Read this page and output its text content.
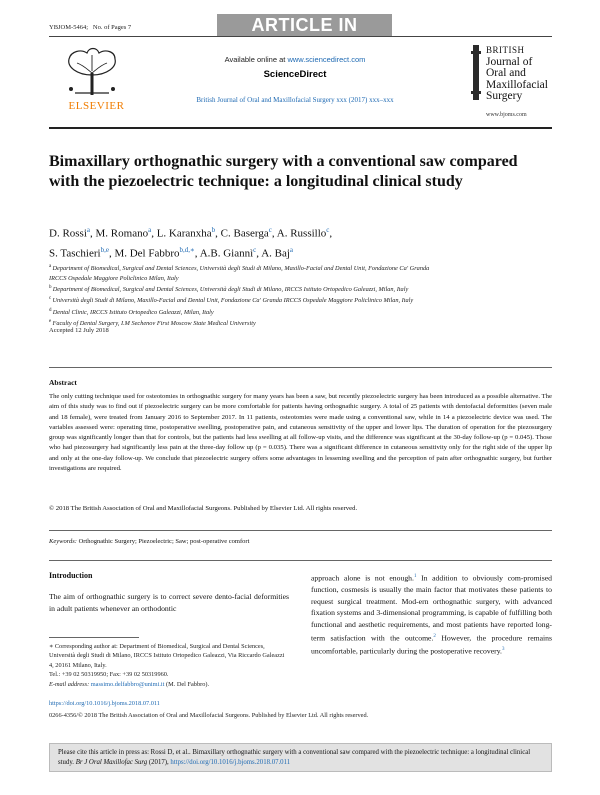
YBJOM-5464; No. of Pages 7	ARTICLE IN PRESS
ELSEVIER
Available online at www.sciencedirect.com
ScienceDirect
British Journal of Oral and Maxillofacial Surgery xxx (2017) xxx–xxx
BRITISH
Journal of
Oral and
Maxillofacial
Surgery
www.bjoms.com
Bimaxillary orthognathic surgery with a conventional saw compared with the piezoelectric technique: a longitudinal clinical study
D. Rossi$^a$, M. Romano$^a$, L. Karanxha$^b$, C. Baserga$^c$, A. Russillo$^c$,
S. Taschieri$^{b,e}$, M. Del Fabbro$^{b,d,∗}$, A.B. Giannì$^c$, A. Baj$^a$
$^a$ Department of Biomedical, Surgical and Dental Sciences, Università degli Studi di Milano, Maxillo-Facial and Dental Unit, Fondazione Ca' Granda
IRCCS Ospedale Maggiore Policlinico Milan, Italy
$^b$ Department of Biomedical, Surgical and Dental Sciences, Università degli Studi di Milano, IRCCS Istituto Ortopedico Galeazzi, Milan, Italy
$^c$ Università degli Studi di Milano, Maxillo-Facial and Dental Unit, Fondazione Ca' Granda IRCCS Ospedale Maggiore Policlinico Milan, Italy
$^d$ Dental Clinic, IRCCS Istituto Ortopedico Galeazzi, Milan, Italy
$^e$ Faculty of Dental Surgery, I.M Sechenov First Moscow State Medical University
Accepted 12 July 2018
Abstract
The only cutting technique used for osteotomies in orthognathic surgery for many years has been a saw, but recently piezoelectric surgery has been introduced as a possible alternative. The aim of this study was to find out if piezoelectric surgery can be more comfortable for patients having orthognathic surgery. A total of 25 patients with dentofacial deformities (seven male and 18 female), were treated from January 2016 to September 2017. In 11 patients, osteotomies were made using a conventional saw, while in 14 a piezoelectric device was used. The variables assessed were: operating time, postoperative swelling, postoperative pain, and cutaneous sensitivity of the upper and lower lips. The duration of operation for the piezosurgery group was significantly longer than that for controls, but the patients had less swelling at all follow-up visits, and the difference was significant at the 30-day follow-up (p = 0.045). Those who had piezosurgery had significantly less pain at the three-day follow up (p = 0.035). There was a significant difference in cutaneous sensitivity only for the right side of the upper lip and only at the one-day follow-up. We conclude that piezoelectric surgery offers some advantages in lessening swelling and the perception of pain after orthognathic surgery, but further investigations are required.
© 2018 The British Association of Oral and Maxillofacial Surgeons. Published by Elsevier Ltd. All rights reserved.
Keywords: Orthognathic Surgery; Piezoelectric; Saw; post-operative comfort
Introduction
The aim of orthognathic surgery is to correct severe dento-facial deformities in adult patients whenever an orthodontic
approach alone is not enough.$^1$ In addition to obviously com-promised function, cosmesis is usually the main factor that motivates these patients to request surgical treatment. Mod-ern orthognathic surgery, with advanced fixation systems and 3-dimensional programming, is capable of fulfilling both functional and aesthetic requirements, and most patients have reported long-term satisfaction with the outcome.$^2$ However, the procedure remains uncomfortable, particularly during the postoperative recovery.$^3$
∗ Corresponding author at: Department of Biomedical, Surgical and Dental Sciences, Università degli Studi di Milano, IRCCS Istituto Ortopedico Galeazzi, Via Riccardo Galeazzi 4, 20161 Milano, Italy.
Tel.: +39 02 50319950; Fax: +39 02 50319960.
E-mail address: massimo.delfabbro@unimi.it (M. Del Fabbro).
https://doi.org/10.1016/j.bjoms.2018.07.011
0266-4356/© 2018 The British Association of Oral and Maxillofacial Surgeons. Published by Elsevier Ltd. All rights reserved.
Please cite this article in press as: Rossi D, et al.. Bimaxillary orthognathic surgery with a conventional saw compared with the piezoelectric technique: a longitudinal clinical study. Br J Oral Maxillofac Surg (2017), https://doi.org/10.1016/j.bjoms.2018.07.011
